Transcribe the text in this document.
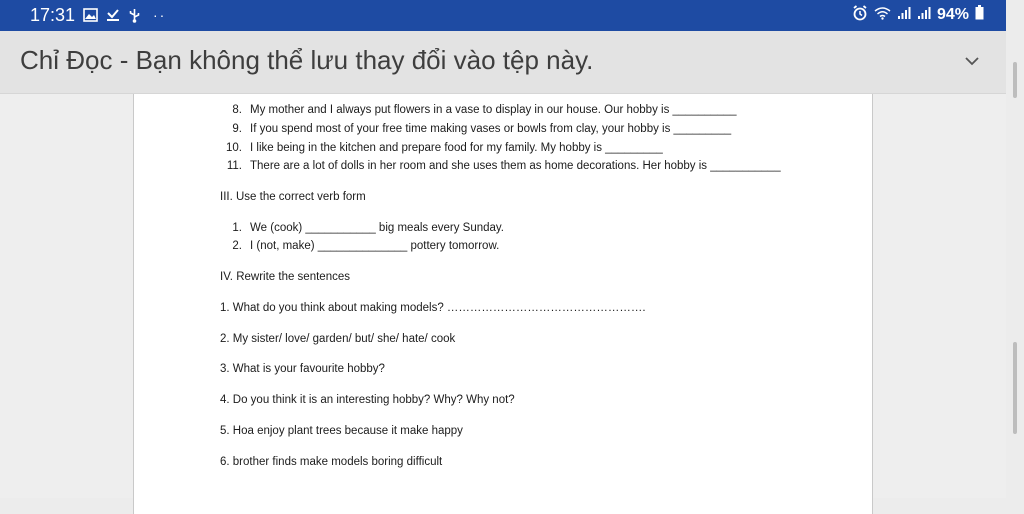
17:31	··	94%
Chỉ Đọc - Bạn không thể lưu thay đổi vào tệp này.
8. My mother and I always put flowers in a vase to display in our house. Our hobby is __________
9. If you spend most of your free time making vases or bowls from clay, your hobby is _________
10. I like being in the kitchen and prepare food for my family. My hobby is _________
11. There are a lot of dolls in her room and she uses them as home decorations. Her hobby is ___________
III. Use the correct verb form
1. We (cook) ___________ big meals every Sunday.
2. I (not, make) ______________ pottery tomorrow.
IV. Rewrite the sentences
1. What do you think about making models? …………………………………………….
2. My sister/ love/ garden/ but/ she/ hate/ cook
3. What is your favourite hobby?
4. Do you think it is an interesting hobby? Why? Why not?
5. Hoa enjoy plant trees because it make happy
6. brother finds make models boring difficult
